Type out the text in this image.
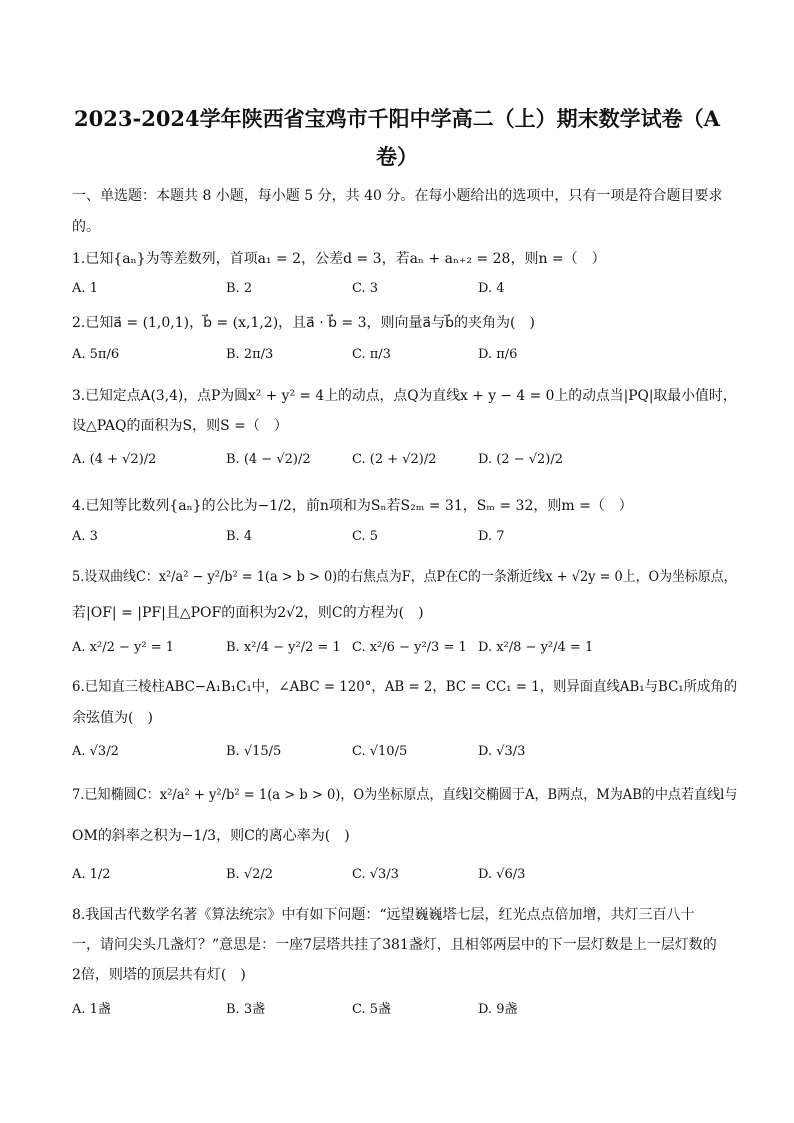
2023-2024学年陕西省宝鸡市千阳中学高二（上）期末数学试卷（A
卷）
一、单选题：本题共 8 小题，每小题 5 分，共 40 分。在每小题给出的选项中，只有一项是符合题目要求
的。
1.已知{aₙ}为等差数列，首项a₁ = 2，公差d = 3，若aₙ + aₙ₊₂ = 28，则n =（　）
A. 1	B. 2	C. 3	D. 4
2.已知a⃗ = (1,0,1)，b⃗ = (x,1,2)，且a⃗ · b⃗ = 3，则向量a⃗与b⃗的夹角为(　)
A. 5π/6	B. 2π/3	C. π/3	D. π/6
3.已知定点A(3,4)，点P为圆x² + y² = 4上的动点，点Q为直线x + y − 4 = 0上的动点当|PQ|取最小值时，
设△PAQ的面积为S，则S =（　）
A. (4 + √2)/2	B. (4 − √2)/2	C. (2 + √2)/2	D. (2 − √2)/2
4.已知等比数列{aₙ}的公比为−1/2，前n项和为Sₙ若S₂ₘ = 31，Sₘ = 32，则m =（　）
A. 3	B. 4	C. 5	D. 7
5.设双曲线C：x²/a² − y²/b² = 1(a > b > 0)的右焦点为F，点P在C的一条渐近线x + √2y = 0上，O为坐标原点，
若|OF| = |PF|且△POF的面积为2√2，则C的方程为(　)
A. x²/2 − y² = 1	B. x²/4 − y²/2 = 1 C. x²/6 − y²/3 = 1 D. x²/8 − y²/4 = 1
6.已知直三棱柱ABC−A₁B₁C₁中，∠ABC = 120°，AB = 2，BC = CC₁ = 1，则异面直线AB₁与BC₁所成角的
余弦值为(　)
A. √3/2	B. √15/5	C. √10/5	D. √3/3
7.已知椭圆C：x²/a² + y²/b² = 1(a > b > 0)，O为坐标原点，直线l交椭圆于A，B两点，M为AB的中点若直线l与
OM的斜率之积为−1/3，则C的离心率为(　)
A. 1/2	B. √2/2	C. √3/3	D. √6/3
8.我国古代数学名著《算法统宗》中有如下问题：“远望巍巍塔七层，红光点点倍加增，共灯三百八十
一，请问尖头几盏灯？”意思是：一座7层塔共挂了381盏灯，且相邻两层中的下一层灯数是上一层灯数的
2倍，则塔的顶层共有灯(　)
A. 1盏	B. 3盏	C. 5盏	D. 9盏
